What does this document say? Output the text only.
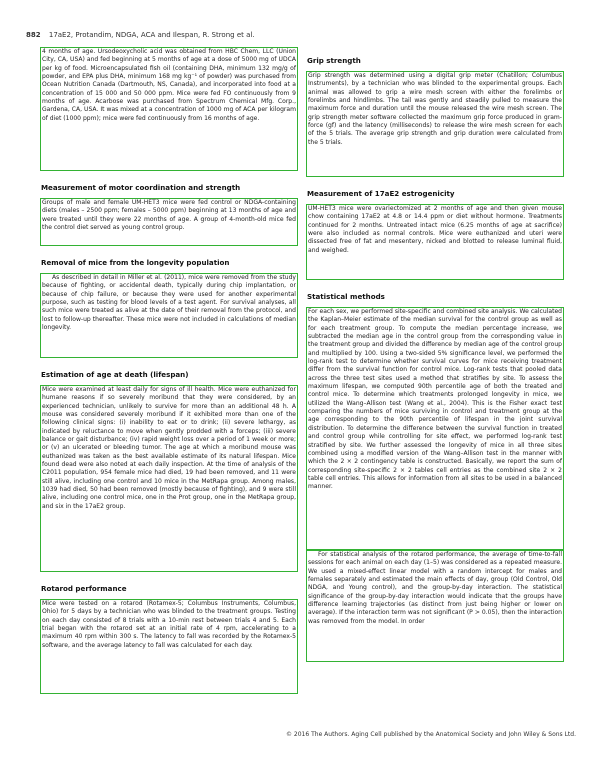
882 17aE2, Protandim, NDGA, ACA and Ilespan, R. Strong et al.

4 months of age. Ursodeoxycholic acid was obtained from HBC Chem, LLC (Union City, CA, USA) and fed beginning at 5 months of age at a dose of 5000 mg of UDCA per kg of food. Microencapsulated fish oil (containing DHA, minimum 132 mg/g of powder, and EPA plus DHA, minimum 168 mg kg⁻¹ of powder) was purchased from Ocean Nutrition Canada (Dartmouth, NS, Canada), and incorporated into food at a concentration of 15 000 and 50 000 ppm. Mice were fed FO continuously from 9 months of age. Acarbose was purchased from Spectrum Chemical Mfg. Corp., Gardena, CA, USA. It was mixed at a concentration of 1000 mg of ACA per kilogram of diet (1000 ppm); mice were fed continuously from 16 months of age.

Measurement of motor coordination and strength

Groups of male and female UM-HET3 mice were fed control or NDGA-containing diets (males – 2500 ppm; females – 5000 ppm) beginning at 13 months of age and were treated until they were 22 months of age. A group of 4-month-old mice fed the control diet served as young control group.

Removal of mice from the longevity population

As described in detail in Miller et al. (2011), mice were removed from the study because of fighting, or accidental death, typically during chip implantation, or because of chip failure, or because they were used for another experimental purpose, such as testing for blood levels of a test agent. For survival analyses, all such mice were treated as alive at the date of their removal from the protocol, and lost to follow-up thereafter. These mice were not included in calculations of median longevity.

Estimation of age at death (lifespan)

Mice were examined at least daily for signs of ill health. Mice were euthanized for humane reasons if so severely moribund that they were considered, by an experienced technician, unlikely to survive for more than an additional 48 h. A mouse was considered severely moribund if it exhibited more than one of the following clinical signs: (i) inability to eat or to drink; (ii) severe lethargy, as indicated by reluctance to move when gently prodded with a forceps; (iii) severe balance or gait disturbance; (iv) rapid weight loss over a period of 1 week or more; or (v) an ulcerated or bleeding tumor. The age at which a moribund mouse was euthanized was taken as the best available estimate of its natural lifespan. Mice found dead were also noted at each daily inspection. At the time of analysis of the C2011 population, 954 female mice had died, 19 had been removed, and 11 were still alive, including one control and 10 mice in the MetRapa group. Among males, 1039 had died, 50 had been removed (mostly because of fighting), and 9 were still alive, including one control mice, one in the Prot group, one in the MetRapa group, and six in the 17aE2 group.

Rotarod performance

Mice were tested on a rotarod (Rotamex-5; Columbus Instruments, Columbus, Ohio) for 5 days by a technician who was blinded to the treatment groups. Testing on each day consisted of 8 trials with a 10-min rest between trials 4 and 5. Each trial began with the rotarod set at an initial rate of 4 rpm, accelerating to a maximum 40 rpm within 300 s. The latency to fall was recorded by the Rotamex-5 software, and the average latency to fall was calculated for each day.

Grip strength

Grip strength was determined using a digital grip meter (Chatillon; Columbus Instruments), by a technician who was blinded to the experimental groups. Each animal was allowed to grip a wire mesh screen with either the forelimbs or forelimbs and hindlimbs. The tail was gently and steadily pulled to measure the maximum force and duration until the mouse released the wire mesh screen. The grip strength meter software collected the maximum grip force produced in gram-force (gf) and the latency (milliseconds) to release the wire mesh screen for each of the 5 trials. The average grip strength and grip duration were calculated from the 5 trials.

Measurement of 17aE2 estrogenicity

UM-HET3 mice were ovariectomized at 2 months of age and then given mouse chow containing 17aE2 at 4.8 or 14.4 ppm or diet without hormone. Treatments continued for 2 months. Untreated intact mice (6.25 months of age at sacrifice) were also included as normal controls. Mice were euthanized and uteri were dissected free of fat and mesentery, nicked and blotted to release luminal fluid, and weighed.

Statistical methods

For each sex, we performed site-specific and combined site analysis. We calculated the Kaplan–Meier estimate of the median survival for the control group as well as for each treatment group. To compute the median percentage increase, we subtracted the median age in the control group from the corresponding value in the treatment group and divided the difference by median age of the control group and multiplied by 100. Using a two-sided 5% significance level, we performed the log-rank test to determine whether survival curves for mice receiving treatment differ from the survival function for control mice. Log-rank tests that pooled data across the three test sites used a method that stratifies by site. To assess the maximum lifespan, we computed 90th percentile age of both the treated and control mice. To determine which treatments prolonged longevity in mice, we utilized the Wang–Allison test (Wang et al., 2004). This is the Fisher exact test comparing the numbers of mice surviving in control and treatment group at the age corresponding to the 90th percentile of lifespan in the joint survival distribution. To determine the difference between the survival function in treated and control group while controlling for site effect, we performed log-rank test stratified by site. We further assessed the longevity of mice in all three sites combined using a modified version of the Wang–Allison test in the manner with which the 2 × 2 contingency table is constructed. Basically, we report the sum of corresponding site-specific 2 × 2 tables cell entries as the combined site 2 × 2 table cell entries. This allows for information from all sites to be used in a balanced manner.

For statistical analysis of the rotarod performance, the average of time-to-fall sessions for each animal on each day (1–5) was considered as a repeated measure. We used a mixed-effect linear model with a random intercept for males and females separately and estimated the main effects of day, group (Old Control, Old NDGA, and Young control), and the group-by-day interaction. The statistical significance of the group-by-day interaction would indicate that the groups have difference learning trajectories (as distinct from just being higher or lower on average). If the interaction term was not significant (P > 0.05), then the interaction was removed from the model. In order

© 2016 The Authors. Aging Cell published by the Anatomical Society and John Wiley & Sons Ltd.
